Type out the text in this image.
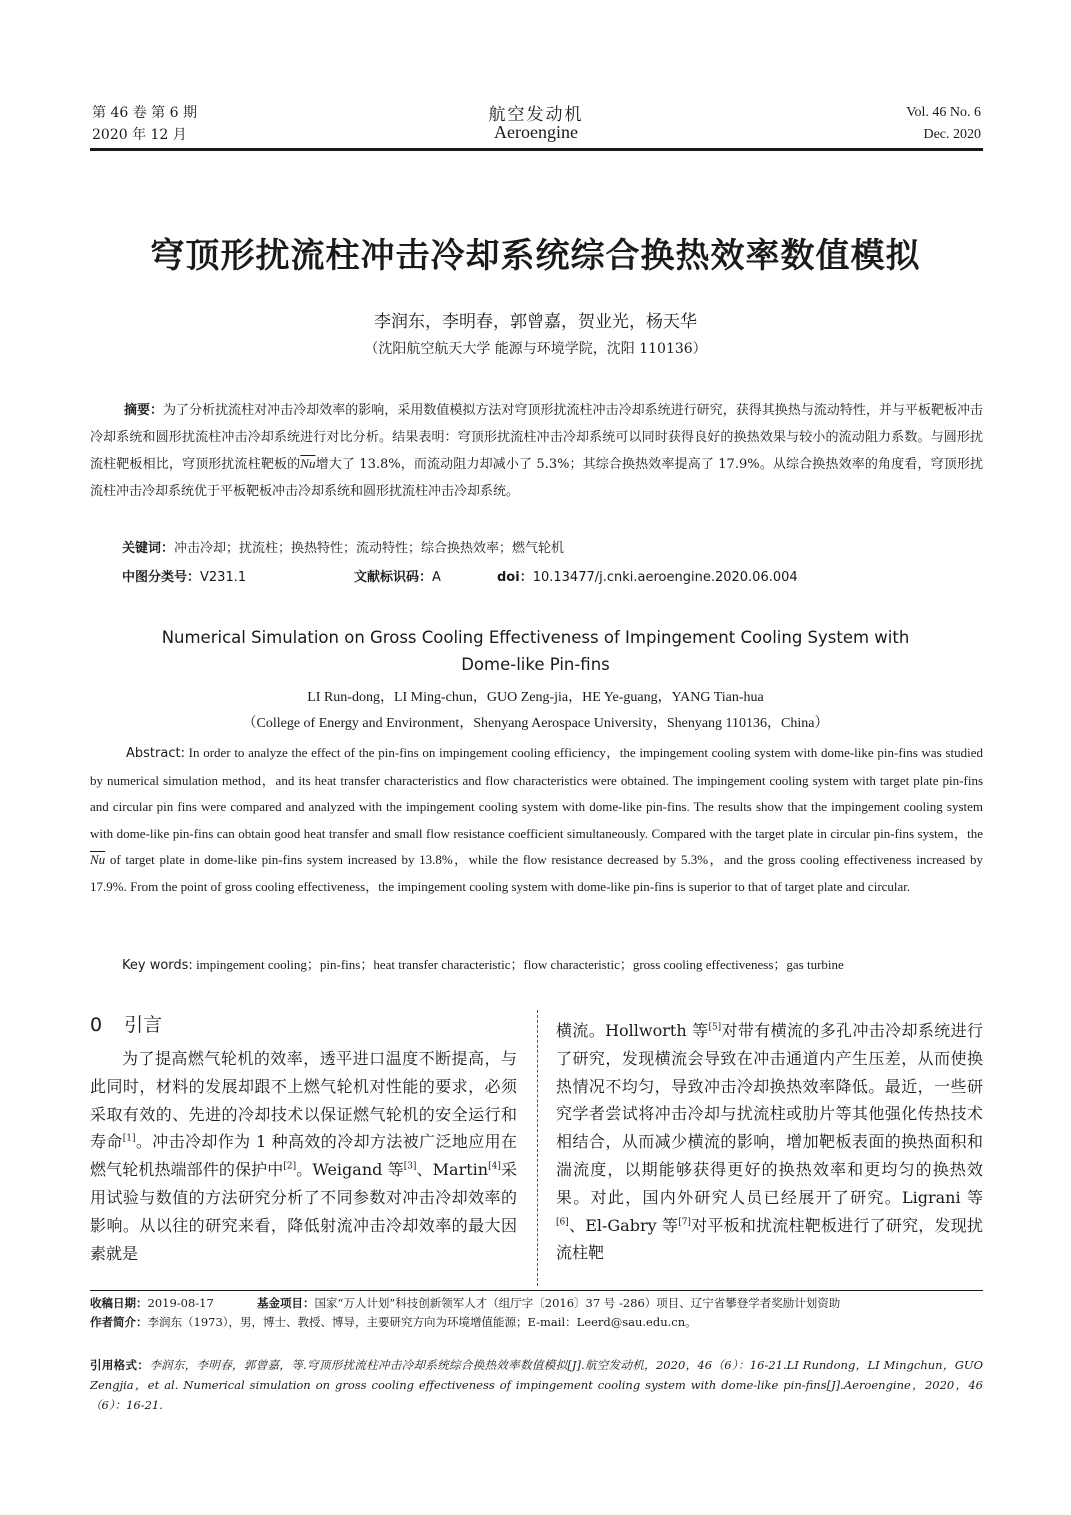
第 46 卷 第 6 期
2020 年 12 月
航空发动机
Aeroengine
Vol. 46 No. 6
Dec. 2020
穹顶形扰流柱冲击冷却系统综合换热效率数值模拟
李润东，李明春，郭曾嘉，贺业光，杨天华
（沈阳航空航天大学 能源与环境学院，沈阳 110136）
摘要：为了分析扰流柱对冲击冷却效率的影响，采用数值模拟方法对穹顶形扰流柱冲击冷却系统进行研究，获得其换热与流动特性，并与平板靶板冲击冷却系统和圆形扰流柱冲击冷却系统进行对比分析。结果表明：穹顶形扰流柱冲击冷却系统可以同时获得良好的换热效果与较小的流动阻力系数。与圆形扰流柱靶板相比，穹顶形扰流柱靶板的$\overline{Nu}$增大了 13.8%，而流动阻力却减小了 5.3%；其综合换热效率提高了 17.9%。从综合换热效率的角度看，穹顶形扰流柱冲击冷却系统优于平板靶板冲击冷却系统和圆形扰流柱冲击冷却系统。
关键词：冲击冷却；扰流柱；换热特性；流动特性；综合换热效率；燃气轮机
中图分类号：V231.1	文献标识码：A	doi：10.13477/j.cnki.aeroengine.2020.06.004
Numerical Simulation on Gross Cooling Effectiveness of Impingement Cooling System with
Dome-like Pin-fins
LI Run-dong，LI Ming-chun，GUO Zeng-jia，HE Ye-guang，YANG Tian-hua
（College of Energy and Environment，Shenyang Aerospace University，Shenyang 110136，China）
Abstract: In order to analyze the effect of the pin-fins on impingement cooling efficiency，the impingement cooling system with dome-like pin-fins was studied by numerical simulation method，and its heat transfer characteristics and flow characteristics were obtained. The impingement cooling system with target plate pin-fins and circular pin fins were compared and analyzed with the impingement cooling system with dome-like pin-fins. The results show that the impingement cooling system with dome-like pin-fins can obtain good heat transfer and small flow resistance coefficient simultaneously. Compared with the target plate in circular pin-fins system，the $\overline{Nu}$ of target plate in dome-like pin-fins system increased by 13.8%，while the flow resistance decreased by 5.3%，and the gross cooling effectiveness increased by 17.9%. From the point of gross cooling effectiveness，the impingement cooling system with dome-like pin-fins is superior to that of target plate and circular.
Key words: impingement cooling；pin-fins；heat transfer characteristic；flow characteristic；gross cooling effectiveness；gas turbine
0 引言
为了提高燃气轮机的效率，透平进口温度不断提高，与此同时，材料的发展却跟不上燃气轮机对性能的要求，必须采取有效的、先进的冷却技术以保证燃气轮机的安全运行和寿命[1]。冲击冷却作为 1 种高效的冷却方法被广泛地应用在燃气轮机热端部件的保护中[2]。Weigand 等[3]、Martin[4]采用试验与数值的方法研究分析了不同参数对冲击冷却效率的影响。从以往的研究来看，降低射流冲击冷却效率的最大因素就是
横流。Hollworth 等[5]对带有横流的多孔冲击冷却系统进行了研究，发现横流会导致在冲击通道内产生压差，从而使换热情况不均匀，导致冲击冷却换热效率降低。最近，一些研究学者尝试将冲击冷却与扰流柱或肋片等其他强化传热技术相结合，从而减少横流的影响，增加靶板表面的换热面积和湍流度，以期能够获得更好的换热效率和更均匀的换热效果。对此，国内外研究人员已经展开了研究。Ligrani 等[6]、El-Gabry 等[7]对平板和扰流柱靶板进行了研究，发现扰流柱靶
收稿日期：2019-08-17	基金项目：国家“万人计划”科技创新领军人才（组厅字〔2016〕37 号 -286）项目、辽宁省攀登学者奖励计划资助
作者简介：李润东（1973），男，博士、教授、博导，主要研究方向为环境增值能源；E-mail：Leerd@sau.edu.cn。
引用格式：李润东，李明春，郭曾嘉，等.穹顶形扰流柱冲击冷却系统综合换热效率数值模拟[J].航空发动机，2020，46（6）：16-21.LI Rundong，LI Mingchun，GUO Zengjia，et al. Numerical simulation on gross cooling effectiveness of impingement cooling system with dome-like pin-fins[J].Aeroengine，2020，46（6）：16-21.
